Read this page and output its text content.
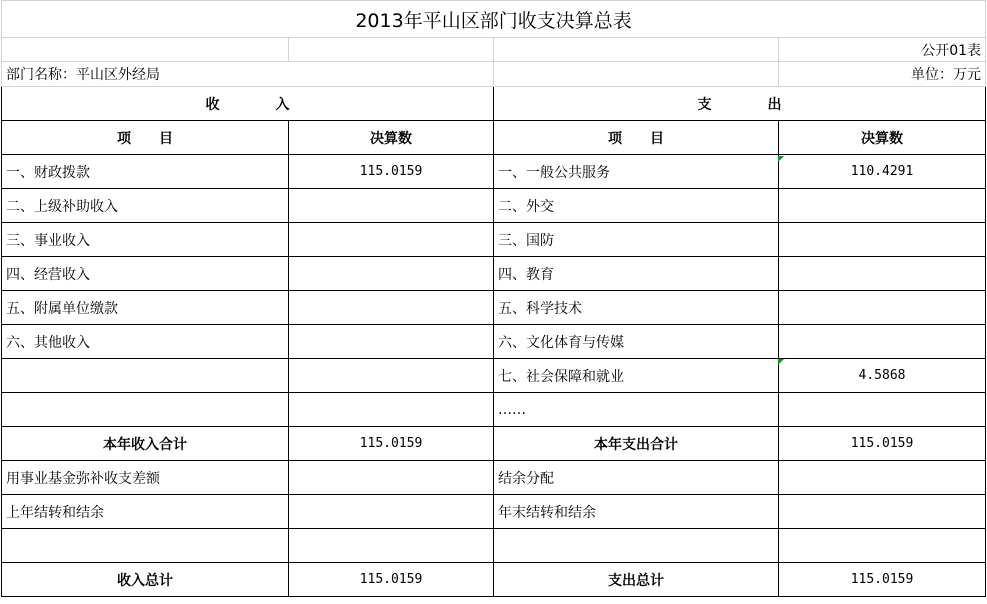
2013年平山区部门收支决算总表			
			公开01表
部门名称：平山区外经局			单位：万元
收　　　　入		支　　　　出	
项　　目	决算数	项　　目	决算数
一、财政拨款	115.0159	一、一般公共服务	110.4291
二、上级补助收入		二、外交	
三、事业收入		三、国防	
四、经营收入		四、教育	
五、附属单位缴款		五、科学技术	
六、其他收入		六、文化体育与传媒	
		七、社会保障和就业	4.5868
		……	
本年收入合计	115.0159	本年支出合计	115.0159
用事业基金弥补收支差额		结余分配	
上年结转和结余		年末结转和结余	

收入总计	115.0159	支出总计	115.0159
